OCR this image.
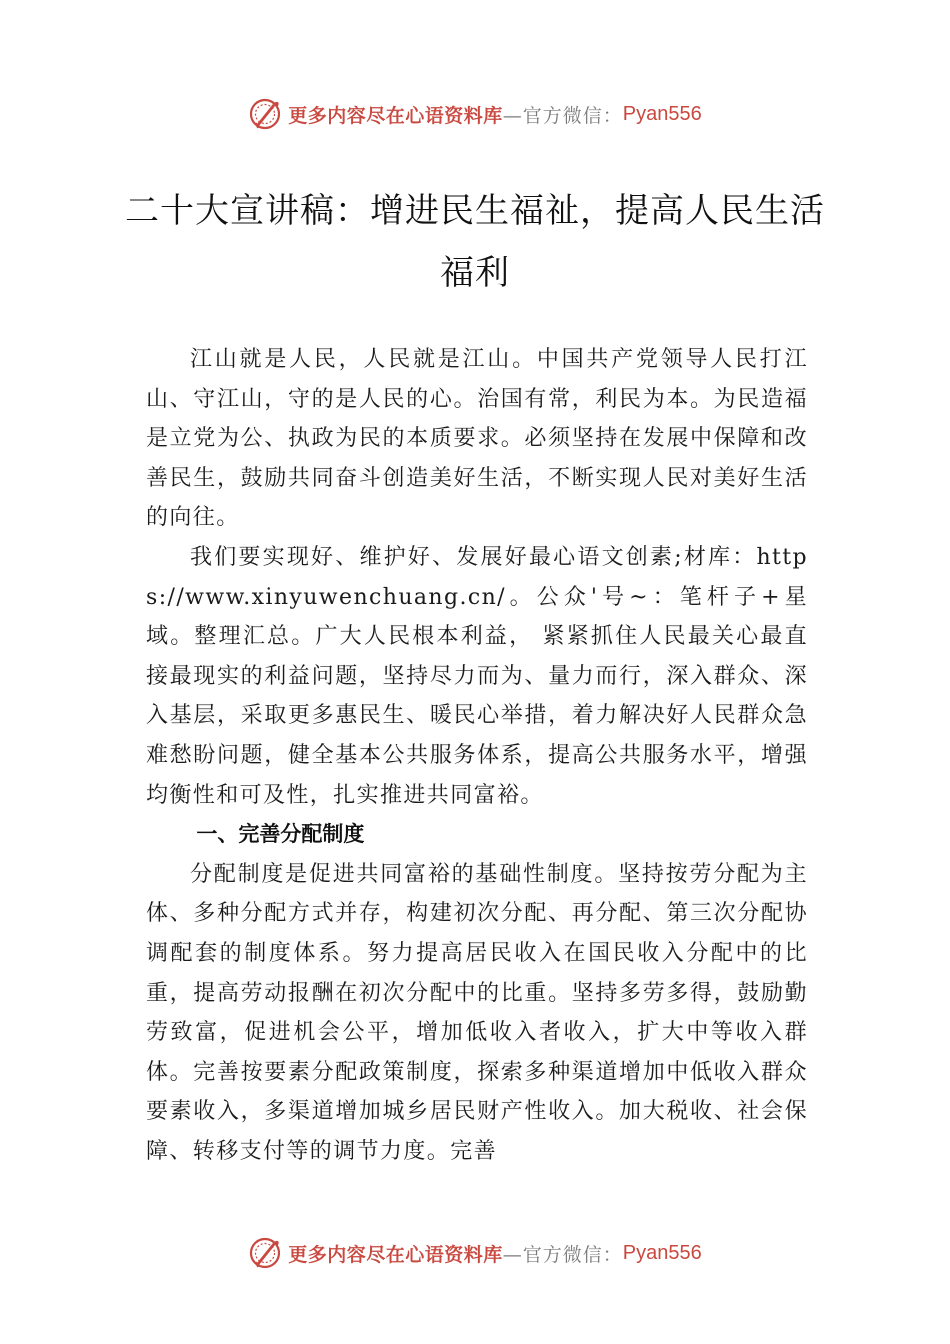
更多内容尽在心语资料库 —官方微信： Pyan556
二十大宣讲稿：增进民生福祉，提高人民生活福利

江山就是人民，人民就是江山。中国共产党领导人民打江山、守江山，守的是人民的心。治国有常，利民为本。为民造福是立党为公、执政为民的本质要求。必须坚持在发展中保障和改善民生，鼓励共同奋斗创造美好生活，不断实现人民对美好生活的向往。

我们要实现好、维护好、发展好最心语文创素;材库：https://www.xinyuwenchuang.cn/。公众'号~：笔杆子+星域。整理汇总。广大人民根本利益， 紧紧抓住人民最关心最直接最现实的利益问题，坚持尽力而为、量力而行，深入群众、深入基层，采取更多惠民生、暖民心举措，着力解决好人民群众急难愁盼问题，健全基本公共服务体系，提高公共服务水平，增强均衡性和可及性，扎实推进共同富裕。

一、完善分配制度

分配制度是促进共同富裕的基础性制度。坚持按劳分配为主体、多种分配方式并存，构建初次分配、再分配、第三次分配协调配套的制度体系。努力提高居民收入在国民收入分配中的比重，提高劳动报酬在初次分配中的比重。坚持多劳多得，鼓励勤劳致富，促进机会公平，增加低收入者收入，扩大中等收入群体。完善按要素分配政策制度，探索多种渠道增加中低收入群众要素收入，多渠道增加城乡居民财产性收入。加大税收、社会保障、转移支付等的调节力度。完善

更多内容尽在心语资料库 —官方微信： Pyan556
